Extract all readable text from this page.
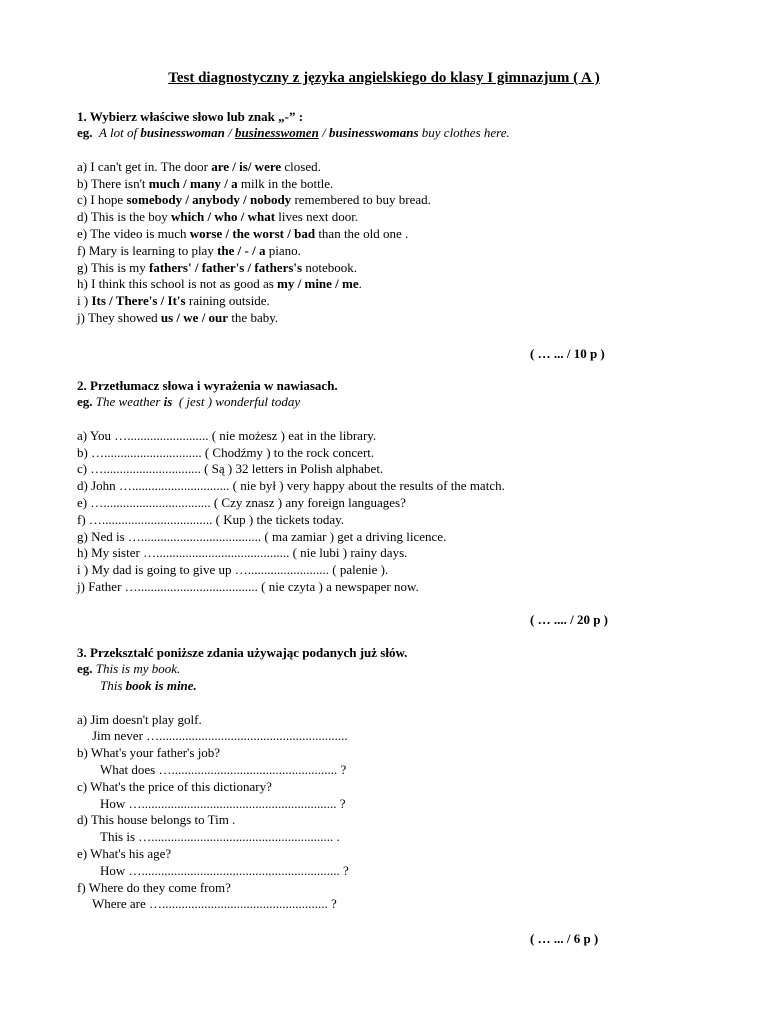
Test diagnostyczny z języka angielskiego do klasy I gimnazjum ( A )
1. Wybierz właściwe słowo lub znak „-” :
eg. A lot of businesswoman / businesswomen / businesswomans buy clothes here.
a) I can't get in. The door are / is/ were closed.
b) There isn't much / many / a milk in the bottle.
c) I hope somebody / anybody / nobody remembered to buy bread.
d) This is the boy which / who / what lives next door.
e) The video is much worse / the worst / bad than the old one .
f) Mary is learning to play the / - / a piano.
g) This is my fathers' / father's / fathers's notebook.
h) I think this school is not as good as my / mine / me.
i ) Its / There's / It's raining outside.
j) They showed us / we / our the baby.
( … ... / 10 p )
2. Przetłumacz słowa i wyrażenia w nawiasach.
eg. The weather is ( jest ) wonderful today
a) You …......................... ( nie możesz ) eat in the library.
b) ….............................. ( Chodźmy ) to the rock concert.
c) ….............................. ( Są ) 32 letters in Polish alphabet.
d) John ….............................. ( nie był ) very happy about the results of the match.
e) …................................. ( Czy znasz ) any foreign languages?
f) ….................................. ( Kup ) the tickets today.
g) Ned is …..................................... ( ma zamiar ) get a driving licence.
h) My sister …......................................... ( nie lubi ) rainy days.
i ) My dad is going to give up …......................... ( palenie ).
j) Father …..................................... ( nie czyta ) a newspaper now.
( … .... / 20 p )
3. Przekształć poniższe zdania używając podanych już słów.
eg. This is my book.
This book is mine.
a) Jim doesn't play golf.
Jim never …..........................................................
b) What's your father's job?
What does …................................................... ?
c) What's the price of this dictionary?
How …............................................................ ?
d) This house belongs to Tim .
This is …........................................................ .
e) What's his age?
How …............................................................. ?
f) Where do they come from?
Where are …................................................... ?
( … ... / 6 p )
